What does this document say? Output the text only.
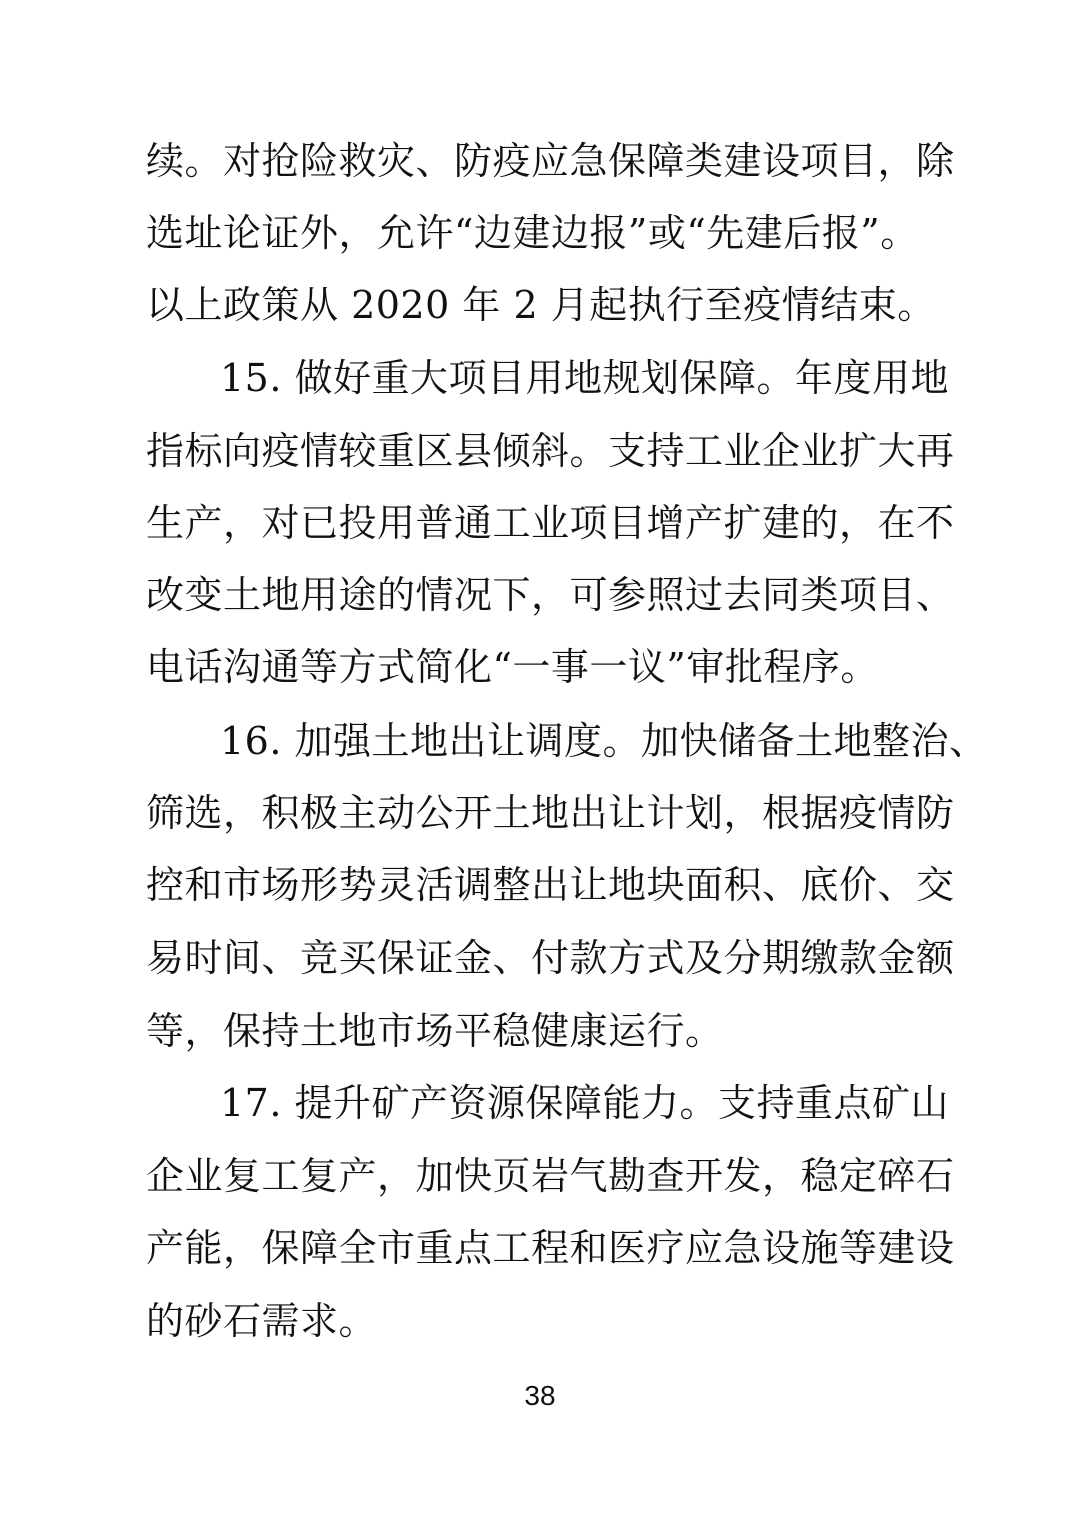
续。对抢险救灾、防疫应急保障类建设项目，除
选址论证外，允许“边建边报”或“先建后报”。
以上政策从 2020 年 2 月起执行至疫情结束。
15. 做好重大项目用地规划保障。年度用地
指标向疫情较重区县倾斜。支持工业企业扩大再
生产，对已投用普通工业项目增产扩建的，在不
改变土地用途的情况下，可参照过去同类项目、
电话沟通等方式简化“一事一议”审批程序。
16. 加强土地出让调度。加快储备土地整治、
筛选，积极主动公开土地出让计划，根据疫情防
控和市场形势灵活调整出让地块面积、底价、交
易时间、竞买保证金、付款方式及分期缴款金额
等，保持土地市场平稳健康运行。
17. 提升矿产资源保障能力。支持重点矿山
企业复工复产，加快页岩气勘查开发，稳定碎石
产能，保障全市重点工程和医疗应急设施等建设
的砂石需求。
38
